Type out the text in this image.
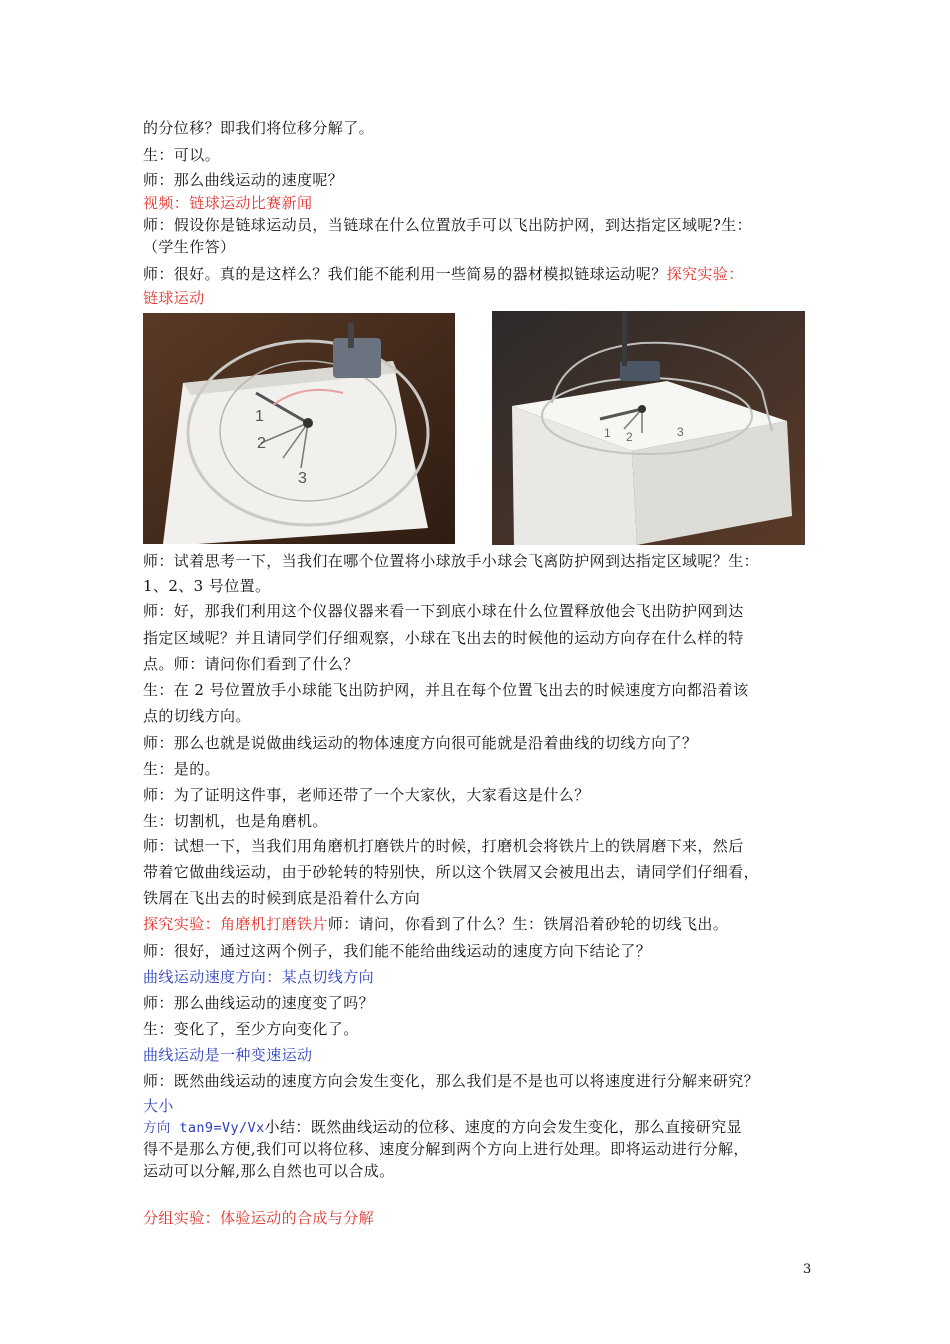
的分位移？即我们将位移分解了。
生：可以。
师：那么曲线运动的速度呢？
视频：链球运动比赛新闻
师：假设你是链球运动员，当链球在什么位置放手可以飞出防护网，到达指定区域呢?生：
（学生作答）
师：很好。真的是这样么？我们能不能利用一些简易的器材模拟链球运动呢？探究实验：
链球运动
1
2
3
1 2	3
师：试着思考一下，当我们在哪个位置将小球放手小球会飞离防护网到达指定区域呢？生：
1、2、3 号位置。
师：好，那我们利用这个仪器仪器来看一下到底小球在什么位置释放他会飞出防护网到达
指定区域呢？并且请同学们仔细观察，小球在飞出去的时候他的运动方向存在什么样的特
点。师：请问你们看到了什么？
生：在 2 号位置放手小球能飞出防护网，并且在每个位置飞出去的时候速度方向都沿着该
点的切线方向。
师：那么也就是说做曲线运动的物体速度方向很可能就是沿着曲线的切线方向了？
生：是的。
师：为了证明这件事，老师还带了一个大家伙，大家看这是什么？
生：切割机，也是角磨机。
师：试想一下，当我们用角磨机打磨铁片的时候，打磨机会将铁片上的铁屑磨下来，然后
带着它做曲线运动，由于砂轮转的特别快，所以这个铁屑又会被甩出去，请同学们仔细看，
铁屑在飞出去的时候到底是沿着什么方向
探究实验：角磨机打磨铁片师：请问，你看到了什么？生：铁屑沿着砂轮的切线飞出。
师：很好，通过这两个例子，我们能不能给曲线运动的速度方向下结论了？
曲线运动速度方向：某点切线方向
师：那么曲线运动的速度变了吗？
生：变化了，至少方向变化了。
曲线运动是一种变速运动
师：既然曲线运动的速度方向会发生变化，那么我们是不是也可以将速度进行分解来研究？
大小
方向 tan9=Vy/Vx小结：既然曲线运动的位移、速度的方向会发生变化，那么直接研究显
得不是那么方便,我们可以将位移、速度分解到两个方向上进行处理。即将运动进行分解，
运动可以分解,那么自然也可以合成。
分组实验：体验运动的合成与分解
3
